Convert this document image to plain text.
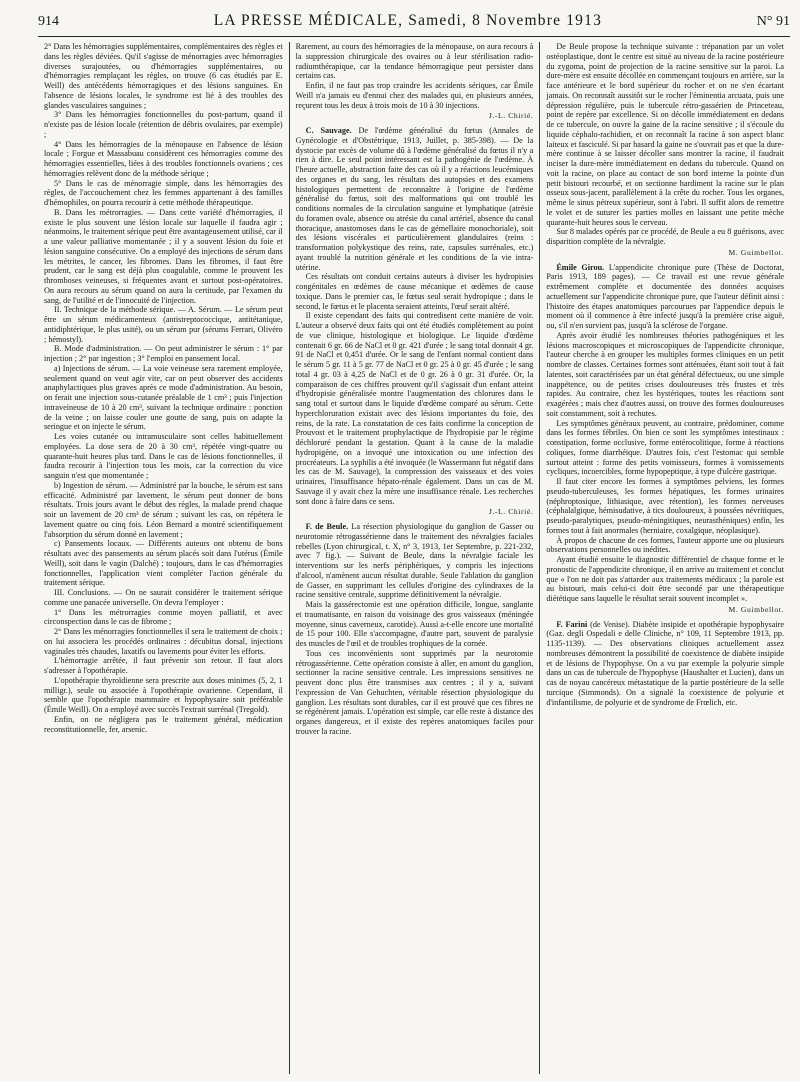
914	LA PRESSE MÉDICALE, Samedi, 8 Novembre 1913	N° 91

2° Dans les hémorragies supplémentaires, complémentaires des règles et dans les règles déviées. Qu'il s'agisse de ménorragies avec hémorragies diverses surajoutées, ou d'hémorragies supplémentaires, ou d'hémorragies remplaçant les règles, on trouve (6 cas étudiés par E. Weill) des antécédents hémorragiques et des lésions sanguines. En l'absence de lésions locales, le syndrome est lié à des troubles des glandes vasculaires sanguines ;

3° Dans les hémorragies fonctionnelles du post-partum, quand il n'existe pas de lésion locale (rétention de débris ovulaires, par exemple) ;

4° Dans les hémorragies de la ménopause en l'absence de lésion locale ; Forgue et Massabuau considèrent ces hémorragies comme des hémorragies essentielles, liées à des troubles fonctionnels ovariens ; ces hémorragies relèvent donc de la méthode sérique ;

5° Dans le cas de ménorragie simple, dans les hémorragies des règles, de l'accouchement chez les femmes appartenant à des familles d'hémophiles, on pourra recourir à cette méthode thérapeutique.

B. Dans les métrorragies. — Dans cette variété d'hémorragies, il existe le plus souvent une lésion locale sur laquelle il faudra agir ; néanmoins, le traitement sérique peut être avantageusement utilisé, car il a une valeur palliative momentanée ; il y a souvent lésion du foie et lésion sanguine consécutive. On a employé des injections de sérum dans les métrites, le cancer, les fibromes. Dans les fibromes, il faut être prudent, car le sang est déjà plus coagulable, comme le prouvent les thromboses veineuses, si fréquentes avant et surtout post-opératoires. On aura recours au sérum quand on aura la certitude, par l'examen du sang, de l'utilité et de l'innocuité de l'injection.

II. Technique de la méthode sérique. — A. Sérum. — Le sérum peut être un sérum médicamenteux (antistreptococcique, antitétanique, antidiphtérique, le plus usité), ou un sérum pur (sérums Ferrari, Olivéro ; hémostyl).

B. Mode d'administration. — On peut administrer le sérum : 1° par injection ; 2° par ingestion ; 3° l'emploi en pansement local.

a) Injections de sérum. — La voie veineuse sera rarement employée, seulement quand on veut agir vite, car on peut observer des accidents anaphylactiques plus graves après ce mode d'administration. Au besoin, on ferait une injection sous-cutanée préalable de 1 cm³ ; puis l'injection intraveineuse de 10 à 20 cm³, suivant la technique ordinaire : ponction de la veine ; on laisse couler une goutte de sang, puis on adapte la seringue et on injecte le sérum.

Les voies cutanée ou intramusculaire sont celles habituellement employées. La dose sera de 20 à 30 cm³, répétée vingt-quatre ou quarante-huit heures plus tard. Dans le cas de lésions fonctionnelles, il faudra recourir à l'injection tous les mois, car la correction du vice sanguin n'est que momentanée ;

b) Ingestion de sérum. — Administré par la bouche, le sérum est sans efficacité. Administré par lavement, le sérum peut donner de bons résultats. Trois jours avant le début des règles, la malade prend chaque soir un lavement de 20 cm³ de sérum ; suivant les cas, on répétera le lavement quatre ou cinq fois. Léon Bernard a montré scientifiquement l'absorption du sérum donné en lavement ;

c) Pansements locaux. — Différents auteurs ont obtenu de bons résultats avec des pansements au sérum placés soit dans l'utérus (Émile Weill), soit dans le vagin (Dalché) ; toujours, dans le cas d'hémorragies fonctionnelles, l'application vient compléter l'action générale du traitement sérique.

III. Conclusions. — On ne saurait considérer le traitement sérique comme une panacée universelle. On devra l'employer :

1° Dans les métrorragies comme moyen palliatif, et avec circonspection dans le cas de fibrome ;

2° Dans les ménorragies fonctionnelles il sera le traitement de choix ; on lui associera les procédés ordinaires : décubitus dorsal, injections vaginales très chaudes, laxatifs ou lavements pour éviter les efforts.

L'hémorragie arrêtée, il faut prévenir son retour. Il faut alors s'adresser à l'opothérapie.

L'opothérapie thyroïdienne sera prescrite aux doses minimes (5, 2, 1 milligr.), seule ou associée à l'opothérapie ovarienne. Cependant, il semble que l'opothérapie mammaire et hypophysaire soit préférable (Émile Weill). On a employé avec succès l'extrait surrénal (Tregold).

Enfin, on ne négligera pas le traitement général, médication reconstitutionnelle, fer, arsenic.

Rarement, au cours des hémorragies de la ménopause, on aura recours à la suppression chirurgicale des ovaires ou à leur stérilisation radio-radiumthérapique, car la tendance hémorragique peut persister dans certains cas.

Enfin, il ne faut pas trop craindre les accidents sériques, car Émile Weill n'a jamais eu d'ennui chez des malades qui, en plusieurs années, reçurent tous les deux à trois mois de 10 à 30 injections.

J.-L. Chirié.

C. Sauvage. De l'œdème généralisé du fœtus (Annales de Gynécologie et d'Obstétrique, 1913, Juillet, p. 385-398). — De la dystocie par excès de volume dû à l'œdème généralisé du fœtus il n'y a rien à dire. Le seul point intéressant est la pathogénie de l'œdème. À l'heure actuelle, abstraction faite des cas où il y a réactions leucémiques des organes et du sang, les résultats des autopsies et des examens histologiques permettent de reconnaître à l'origine de l'œdème généralisé du fœtus, soit des malformations qui ont troublé les conditions normales de la circulation sanguine et lymphatique (atrésie du foramen ovale, absence ou atrésie du canal artériel, absence du canal thoracique, anastomoses dans le cas de gémellaire monochoriale), soit des lésions viscérales et particulièrement glandulaires (reins : transformation polykystique des reins, rate, capsules surrénales, etc.) ayant troublé la nutrition générale et les conditions de la vie intra-utérine.

Ces résultats ont conduit certains auteurs à diviser les hydropisies congénitales en œdèmes de cause mécanique et œdèmes de cause toxique. Dans le premier cas, le fœtus seul serait hydropique ; dans le second, le fœtus et le placenta seraient atteints, l'œuf serait altéré.

Il existe cependant des faits qui contredisent cette manière de voir. L'auteur a observé deux faits qui ont été étudiés complètement au point de vue clinique, histologique et biologique. Le liquide d'œdème contenait 6 gr. 66 de NaCl et 0 gr. 421 d'urée ; le sang total donnait 4 gr. 91 de NaCl et 0,451 d'urée. Or le sang de l'enfant normal contient dans le sérum 5 gr. 11 à 5 gr. 77 de NaCl et 0 gr. 25 à 0 gr. 45 d'urée ; le sang total 4 gr. 03 à 4,25 de NaCl et de 0 gr. 26 à 0 gr. 31 d'urée. Or, la comparaison de ces chiffres prouvent qu'il s'agissait d'un enfant atteint d'hydropisie généralisée montre l'augmentation des chlorures dans le sang total et surtout dans le liquide d'œdème comparé au sérum. Cette hyperchloruration existait avec des lésions importantes du foie, des reins, de la rate. La constatation de ces faits confirme la conception de Prouvost et le traitement prophylactique de l'hydropisie par le régime déchloruré pendant la gestation. Quant à la cause de la maladie hydropigène, on a invoqué une intoxication ou une infection des procréateurs. La syphilis a été invoquée (le Wassermann fut négatif dans les cas de M. Sauvage), la compression des vaisseaux et des voies urinaires, l'insuffisance hépato-rénale également. Dans un cas de M. Sauvage il y avait chez la mère une insuffisance rénale. Les recherches sont donc à faire dans ce sens.

J.-L. Chirié.

F. de Beule. La résection physiologique du ganglion de Gasser ou neurotomie rétrogassérienne dans le traitement des névralgies faciales rebelles (Lyon chirurgical, t. X, n° 3, 1913, 1er Septembre, p. 221-232, avec 7 fig.). — Suivant de Beule, dans la névralgie faciale les interventions sur les nerfs périphériques, y compris les injections d'alcool, n'amènent aucun résultat durable. Seule l'ablation du ganglion de Gasser, en supprimant les cellules d'origine des cylindraxes de la racine sensitive centrale, supprime définitivement la névralgie.

Mais la gassérectomie est une opération difficile, longue, sanglante et traumatisante, en raison du voisinage des gros vaisseaux (méningée moyenne, sinus caverneux, carotide). Aussi a-t-elle encore une mortalité de 15 pour 100. Elle s'accompagne, d'autre part, souvent de paralysie des muscles de l'œil et de troubles trophiques de la cornée.

Tous ces inconvénients sont supprimés par la neurotomie rétrogassérienne. Cette opération consiste à aller, en amont du ganglion, sectionner la racine sensitive centrale. Les impressions sensitives ne peuvent donc plus être transmises aux centres ; il y a, suivant l'expression de Van Gehuchten, véritable résection physiologique du ganglion. Les résultats sont durables, car il est prouvé que ces fibres ne se régénèrent jamais. L'opération est simple, car elle reste à distance des organes dangereux, et il existe des repères anatomiques faciles pour trouver la racine.

De Beule propose la technique suivante : trépanation par un volet ostéoplastique, dont le centre est situé au niveau de la racine postérieure du zygoma, point de projection de la racine sensitive sur la paroi. La dure-mère est ensuite décollée en commençant toujours en arrière, sur la face antérieure et le bord supérieur du rocher et on ne s'en écartant jamais. On reconnaît aussitôt sur le rocher l'éminentia arcuata, puis une dépression régulière, puis le tubercule rétro-gassérien de Princeteau, point de repère par excellence. Si on décolle immédiatement en dedans de ce tubercule, on ouvre la gaine de la racine sensitive ; il s'écoule du liquide céphalo-rachidien, et on reconnaît la racine à son aspect blanc laiteux et fasciculé. Si par hasard la gaine ne s'ouvrait pas et que la dure-mère continue à se laisser décoller sans montrer la racine, il faudrait inciser la dure-mère immédiatement en dedans du tubercule. Quand on voit la racine, on place au contact de son bord interne la pointe d'un petit bistouri recourbé, et on sectionne hardiment la racine sur le plan osseux sous-jacent, parallèlement à la crête du rocher. Tous les organes, même le sinus pétreux supérieur, sont à l'abri. Il suffit alors de remettre le volet et de suturer les parties molles en laissant une petite mèche quarante-huit heures sous le cerveau.

Sur 8 malades opérés par ce procédé, de Beule a eu 8 guérisons, avec disparition complète de la névralgie.

M. Guimbellot.

Émile Girou. L'appendicite chronique pure (Thèse de Doctorat, Paris 1913, 189 pages). — Ce travail est une revue générale extrêmement complète et documentée des données acquises actuellement sur l'appendicite chronique pure, que l'auteur définit ainsi : l'histoire des étapes anatomiques parcourues par l'appendice depuis le moment où il commence à être infecté jusqu'à la première crise aiguë, ou, s'il n'en survient pas, jusqu'à la sclérose de l'organe.

Après avoir étudié les nombreuses théories pathogéniques et les lésions macroscopiques et microscopiques de l'appendicite chronique, l'auteur cherche à en grouper les multiples formes cliniques en un petit nombre de classes. Certaines formes sont atténuées, étant soit tout à fait latentes, soit caractérisées par un état général défectueux, ou une simple inappétence, ou de petites crises douloureuses très frustes et très rapides. Au contraire, chez les hystériques, toutes les réactions sont exagérées ; mais chez d'autres aussi, on trouve des formes douloureuses soit constamment, soit à rechutes.

Les symptômes généraux peuvent, au contraire, prédominer, comme dans les formes fébriles. On bien ce sont les symptômes intestinaux : constipation, forme occlusive, forme entérocolitique, forme à réactions coliques, forme diarrhéique. D'autres fois, c'est l'estomac qui semble surtout atteint : forme des petits vomisseurs, formes à vomissements cycliques, incoercibles, forme hypopeptique, à type d'ulcère gastrique.

Il faut citer encore les formes à symptômes pelviens, les formes pseudo-tuberculeuses, les formes hépatiques, les formes urinaires (néphroptosique, lithiasique, avec rétention), les formes nerveuses (céphalalgique, hémisudative, à tics douloureux, à poussées névritiques, pseudo-paralytiques, pseudo-méningitiques, neurasthéniques) enfin, les formes tout à fait anormales (herniaire, coxalgique, néoplasique).

À propos de chacune de ces formes, l'auteur apporte une ou plusieurs observations personnelles ou inédites.

Ayant étudié ensuite le diagnostic différentiel de chaque forme et le pronostic de l'appendicite chronique, il en arrive au traitement et conclut que « l'on ne doit pas s'attarder aux traitements médicaux ; la parole est au bistouri, mais celui-ci doit être secondé par une thérapeutique diététique sans laquelle le résultat serait souvent incomplet ».

M. Guimbellot.

F. Farini (de Venise). Diabète insipide et opothérapie hypophysaire (Gaz. degli Ospedali e delle Cliniche, n° 109, 11 Septembre 1913, pp. 1135-1139). — Des observations cliniques actuellement assez nombreuses démontrent la possibilité de coexistence de diabète insipide et de lésions de l'hypophyse. On a vu par exemple la polyurie simple dans un cas de tubercule de l'hypophyse (Haushalter et Lucien), dans un cas de noyau cancéreux métastatique de la partie postérieure de la selle turcique (Simmonds). On a signalé la coexistence de polyurie et d'infantilisme, de polyurie et de syndrome de Frœlich, etc.
